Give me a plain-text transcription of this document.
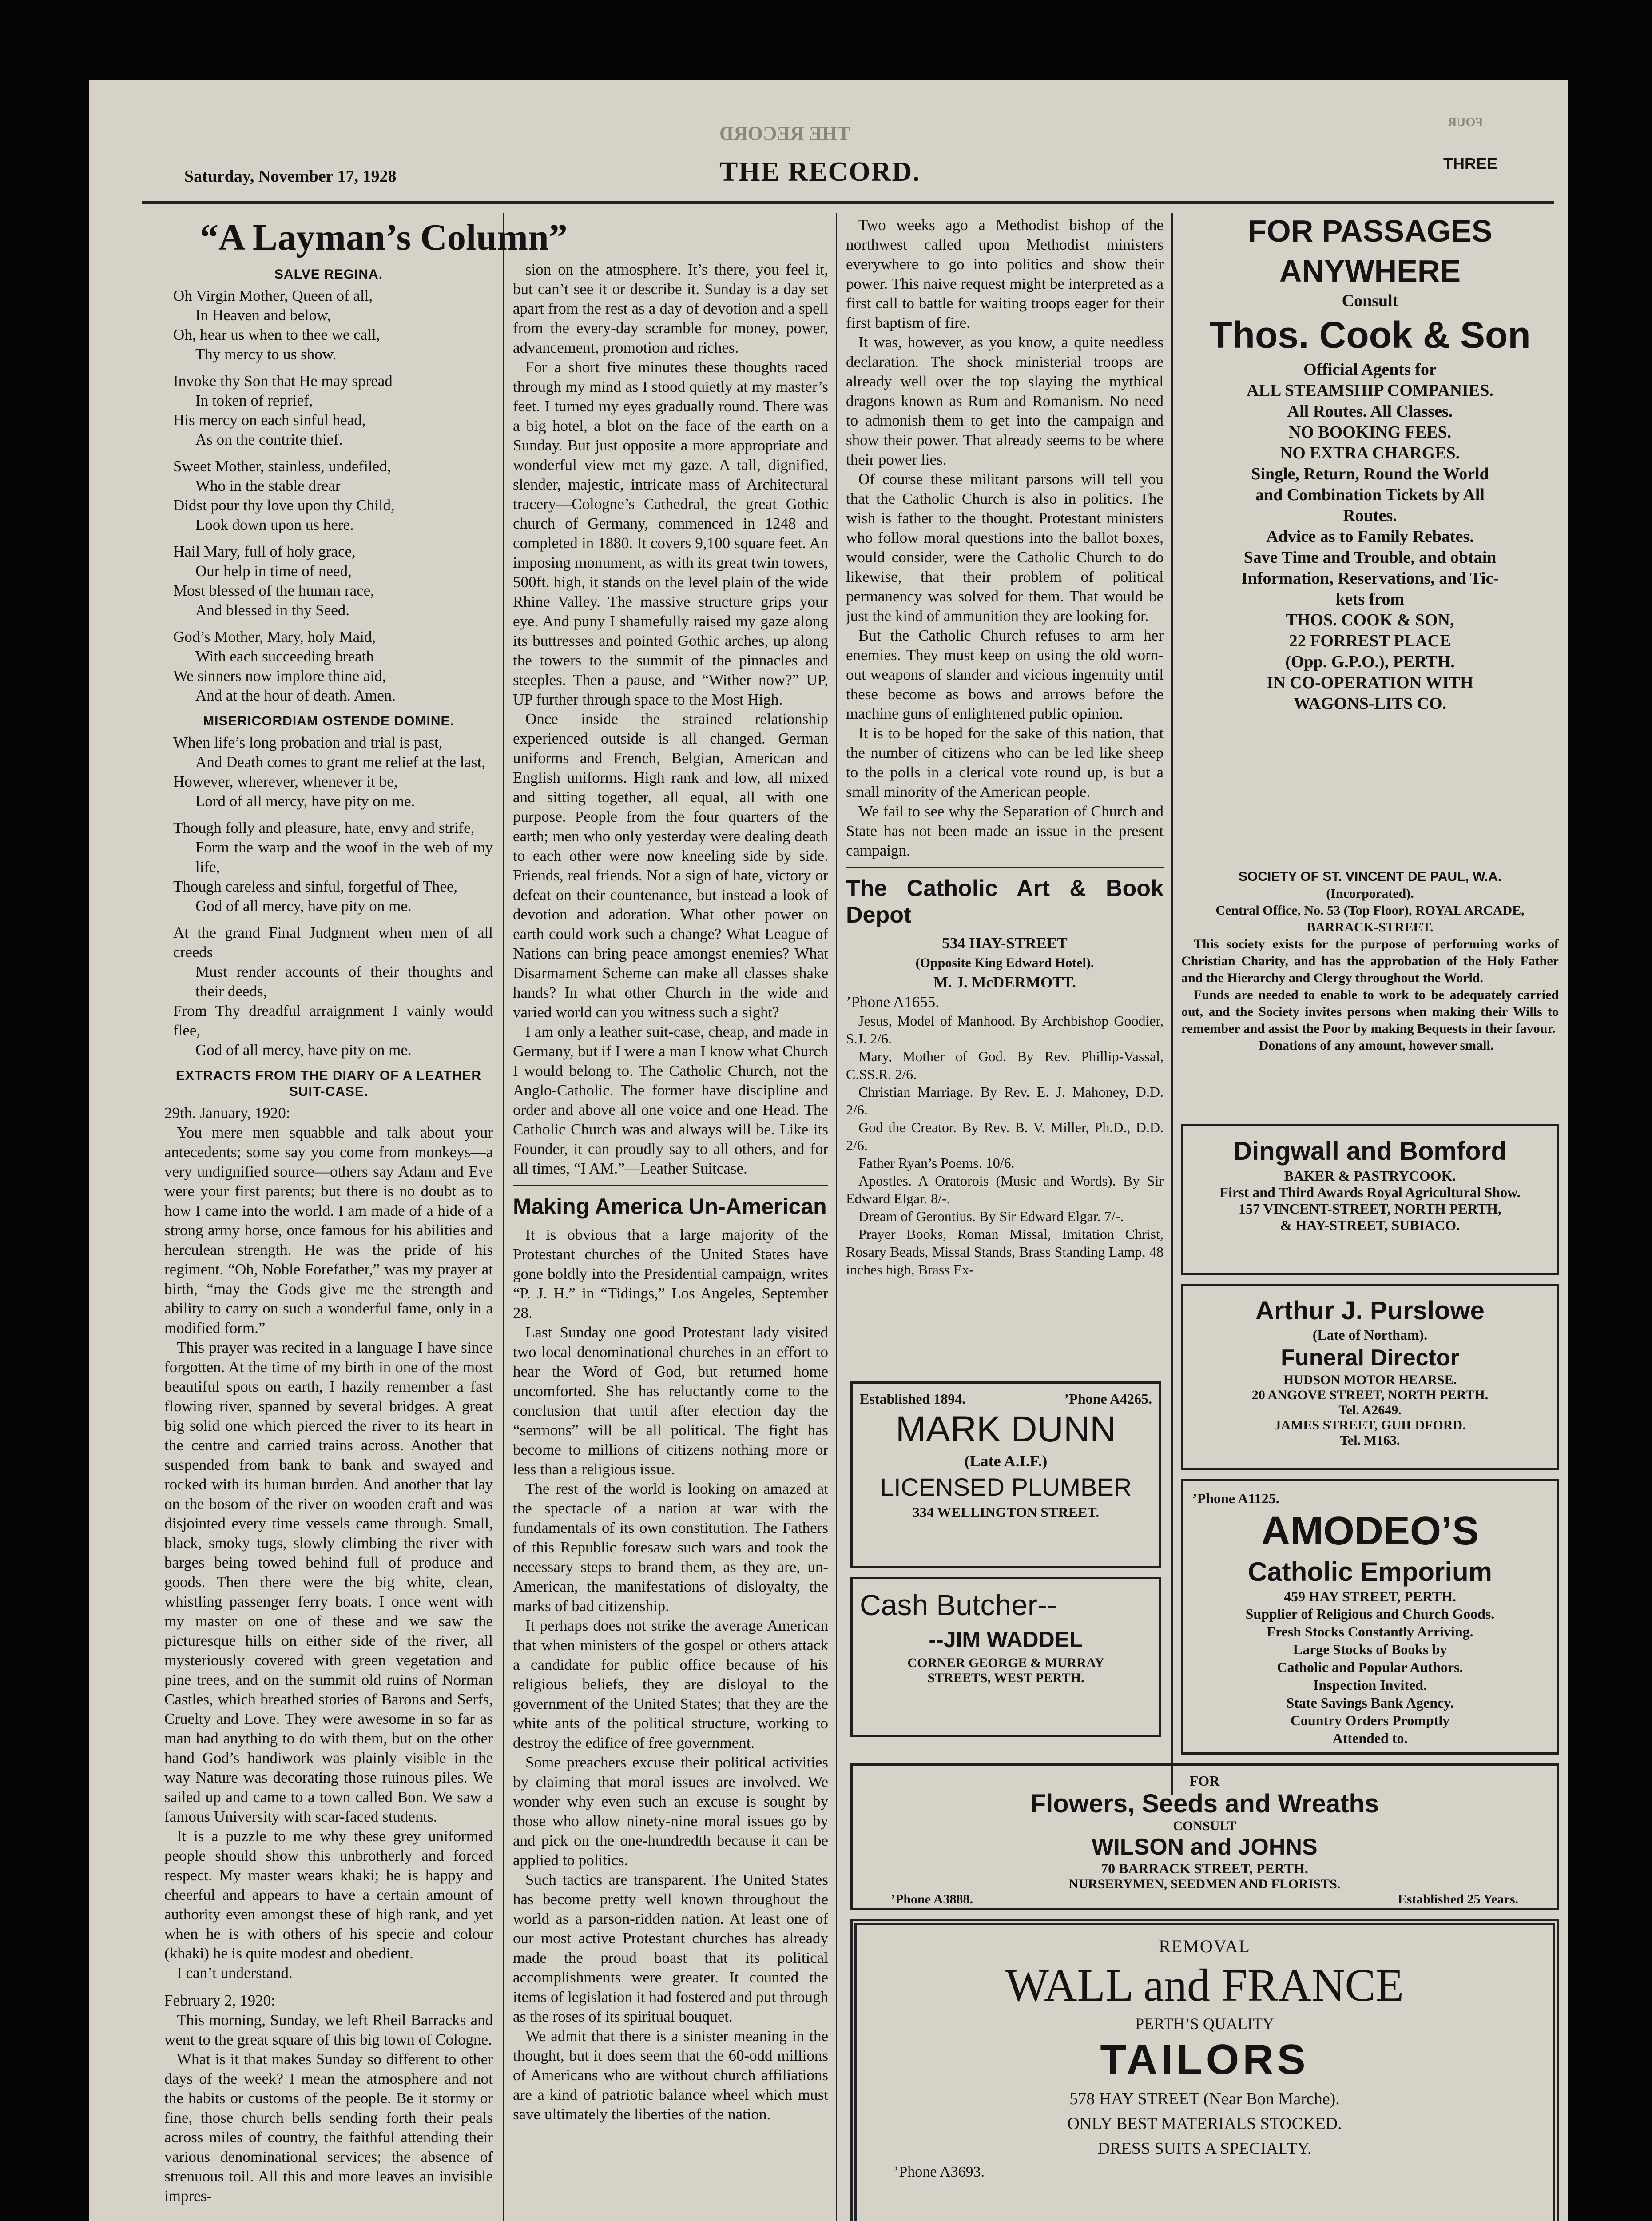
THE RECORD
FOUR
Saturday, November 17, 1928	THE RECORD.	THREE
“A Layman’s Column”
SALVE REGINA.
Oh Virgin Mother, Queen of all,
In Heaven and below,
Oh, hear us when to thee we call,
Thy mercy to us show.
Invoke thy Son that He may spread
In token of reprief,
His mercy on each sinful head,
As on the contrite thief.
Sweet Mother, stainless, undefiled,
Who in the stable drear
Didst pour thy love upon thy Child,
Look down upon us here.
Hail Mary, full of holy grace,
Our help in time of need,
Most blessed of the human race,
And blessed in thy Seed.
God’s Mother, Mary, holy Maid,
With each succeeding breath
We sinners now implore thine aid,
And at the hour of death. Amen.
MISERICORDIAM OSTENDE DOMINE.
When life’s long probation and trial is past,
And Death comes to grant me relief at the last,
However, wherever, whenever it be,
Lord of all mercy, have pity on me.
Though folly and pleasure, hate, envy and strife,
Form the warp and the woof in the web of my life,
Though careless and sinful, forgetful of Thee,
God of all mercy, have pity on me.
At the grand Final Judgment when men of all creeds
Must render accounts of their thoughts and their deeds,
From Thy dreadful arraignment I vainly would flee,
God of all mercy, have pity on me.
EXTRACTS FROM THE DIARY OF A LEATHER SUIT-CASE.

29th. January, 1920:

You mere men squabble and talk about your antecedents; some say you come from monkeys—a very undignified source—others say Adam and Eve were your first parents; but there is no doubt as to how I came into the world. I am made of a hide of a strong army horse, once famous for his abilities and herculean strength. He was the pride of his regiment. “Oh, Noble Forefather,” was my prayer at birth, “may the Gods give me the strength and ability to carry on such a wonderful fame, only in a modified form.”

This prayer was recited in a language I have since forgotten. At the time of my birth in one of the most beautiful spots on earth, I hazily remember a fast flowing river, spanned by several bridges. A great big solid one which pierced the river to its heart in the centre and carried trains across. Another that suspended from bank to bank and swayed and rocked with its human burden. And another that lay on the bosom of the river on wooden craft and was disjointed every time vessels came through. Small, black, smoky tugs, slowly climbing the river with barges being towed behind full of produce and goods. Then there were the big white, clean, whistling passenger ferry boats. I once went with my master on one of these and we saw the picturesque hills on either side of the river, all mysteriously covered with green vegetation and pine trees, and on the summit old ruins of Norman Castles, which breathed stories of Barons and Serfs, Cruelty and Love. They were awesome in so far as man had anything to do with them, but on the other hand God’s handiwork was plainly visible in the way Nature was decorating those ruinous piles. We sailed up and came to a town called Bon. We saw a famous University with scar-faced students.

It is a puzzle to me why these grey uniformed people should show this unbrotherly and forced respect. My master wears khaki; he is happy and cheerful and appears to have a certain amount of authority even amongst these of high rank, and yet when he is with others of his specie and colour (khaki) he is quite modest and obedient.

I can’t understand.

February 2, 1920:

This morning, Sunday, we left Rheil Barracks and went to the great square of this big town of Cologne.

What is it that makes Sunday so different to other days of the week? I mean the atmosphere and not the habits or customs of the people. Be it stormy or fine, those church bells sending forth their peals across miles of country, the faithful attending their various denominational services; the absence of strenuous toil. All this and more leaves an invisible impres-

sion on the atmosphere. It’s there, you feel it, but can’t see it or describe it. Sunday is a day set apart from the rest as a day of devotion and a spell from the every-day scramble for money, power, advancement, promotion and riches.

For a short five minutes these thoughts raced through my mind as I stood quietly at my master’s feet. I turned my eyes gradually round. There was a big hotel, a blot on the face of the earth on a Sunday. But just opposite a more appropriate and wonderful view met my gaze. A tall, dignified, slender, majestic, intricate mass of Architectural tracery—Cologne’s Cathedral, the great Gothic church of Germany, commenced in 1248 and completed in 1880. It covers 9,100 square feet. An imposing monument, as with its great twin towers, 500ft. high, it stands on the level plain of the wide Rhine Valley. The massive structure grips your eye. And puny I shamefully raised my gaze along its buttresses and pointed Gothic arches, up along the towers to the summit of the pinnacles and steeples. Then a pause, and “Wither now?” UP, UP further through space to the Most High.

Once inside the strained relationship experienced outside is all changed. German uniforms and French, Belgian, American and English uniforms. High rank and low, all mixed and sitting together, all equal, all with one purpose. People from the four quarters of the earth; men who only yesterday were dealing death to each other were now kneeling side by side. Friends, real friends. Not a sign of hate, victory or defeat on their countenance, but instead a look of devotion and adoration. What other power on earth could work such a change? What League of Nations can bring peace amongst enemies? What Disarmament Scheme can make all classes shake hands? In what other Church in the wide and varied world can you witness such a sight?

I am only a leather suit-case, cheap, and made in Germany, but if I were a man I know what Church I would belong to. The Catholic Church, not the Anglo-Catholic. The former have discipline and order and above all one voice and one Head. The Catholic Church was and always will be. Like its Founder, it can proudly say to all others, and for all times, “I AM.”—Leather Suitcase.

Making America Un-American

It is obvious that a large majority of the Protestant churches of the United States have gone boldly into the Presidential campaign, writes “P. J. H.” in “Tidings,” Los Angeles, September 28.

Last Sunday one good Protestant lady visited two local denominational churches in an effort to hear the Word of God, but returned home uncomforted. She has reluctantly come to the conclusion that until after election day the “sermons” will be all political. The fight has become to millions of citizens nothing more or less than a religious issue.

The rest of the world is looking on amazed at the spectacle of a nation at war with the fundamentals of its own constitution. The Fathers of this Republic foresaw such wars and took the necessary steps to brand them, as they are, un-American, the manifestations of disloyalty, the marks of bad citizenship.

It perhaps does not strike the average American that when ministers of the gospel or others attack a candidate for public office because of his religious beliefs, they are disloyal to the government of the United States; that they are the white ants of the political structure, working to destroy the edifice of free government.

Some preachers excuse their political activities by claiming that moral issues are involved. We wonder why even such an excuse is sought by those who allow ninety-nine moral issues go by and pick on the one-hundredth because it can be applied to politics.

Such tactics are transparent. The United States has become pretty well known throughout the world as a parson-ridden nation. At least one of our most active Protestant churches has already made the proud boast that its political accomplishments were greater. It counted the items of legislation it had fostered and put through as the roses of its spiritual bouquet.

We admit that there is a sinister meaning in the thought, but it does seem that the 60-odd millions of Americans who are without church affiliations are a kind of patriotic balance wheel which must save ultimately the liberties of the nation.

Two weeks ago a Methodist bishop of the northwest called upon Methodist ministers everywhere to go into politics and show their power. This naive request might be interpreted as a first call to battle for waiting troops eager for their first baptism of fire.

It was, however, as you know, a quite needless declaration. The shock ministerial troops are already well over the top slaying the mythical dragons known as Rum and Romanism. No need to admonish them to get into the campaign and show their power. That already seems to be where their power lies.

Of course these militant parsons will tell you that the Catholic Church is also in politics. The wish is father to the thought. Protestant ministers who follow moral questions into the ballot boxes, would consider, were the Catholic Church to do likewise, that their problem of political permanency was solved for them. That would be just the kind of ammunition they are looking for.

But the Catholic Church refuses to arm her enemies. They must keep on using the old worn-out weapons of slander and vicious ingenuity until these become as bows and arrows before the machine guns of enlightened public opinion.

It is to be hoped for the sake of this nation, that the number of citizens who can be led like sheep to the polls in a clerical vote round up, is but a small minority of the American people.

We fail to see why the Separation of Church and State has not been made an issue in the present campaign.

The Catholic Art & Book Depot
534 HAY-STREET
(Opposite King Edward Hotel).
M. J. McDERMOTT.
’Phone A1655.

Jesus, Model of Manhood. By Archbishop Goodier, S.J. 2/6.

Mary, Mother of God. By Rev. Phillip-Vassal, C.SS.R. 2/6.

Christian Marriage. By Rev. E. J. Mahoney, D.D. 2/6.

God the Creator. By Rev. B. V. Miller, Ph.D., D.D. 2/6.

Father Ryan’s Poems. 10/6.

Apostles. A Oratorois (Music and Words). By Sir Edward Elgar. 8/-.

Dream of Gerontius. By Sir Edward Elgar. 7/-.

Prayer Books, Roman Missal, Imitation Christ, Rosary Beads, Missal Stands, Brass Standing Lamp, 48 inches high, Brass Ex-

Established 1894.	’Phone A4265.
MARK DUNN
(Late A.I.F.)
LICENSED PLUMBER
334 WELLINGTON STREET.
Cash Butcher--
--JIM WADDEL
CORNER GEORGE & MURRAY
STREETS, WEST PERTH.
FOR PASSAGES ANYWHERE
Consult
Thos. Cook & Son
Official Agents for
ALL STEAMSHIP COMPANIES.
All Routes. All Classes.
NO BOOKING FEES.
NO EXTRA CHARGES.
Single, Return, Round the World
and Combination Tickets by All
Routes.
Advice as to Family Rebates.
Save Time and Trouble, and obtain
Information, Reservations, and Tic-
kets from
THOS. COOK & SON,
22 FORREST PLACE
(Opp. G.P.O.), PERTH.
IN CO-OPERATION WITH
WAGONS-LITS CO.
SOCIETY OF ST. VINCENT DE PAUL, W.A.
(Incorporated).
Central Office, No. 53 (Top Floor), ROYAL ARCADE, BARRACK-STREET.

This society exists for the purpose of performing works of Christian Charity, and has the approbation of the Holy Father and the Hierarchy and Clergy throughout the World.

Funds are needed to enable to work to be adequately carried out, and the Society invites persons when making their Wills to remember and assist the Poor by making Bequests in their favour.

Donations of any amount, however small.

Dingwall and Bomford
BAKER & PASTRYCOOK.
First and Third Awards Royal Agricultural Show.
157 VINCENT-STREET, NORTH PERTH,
& HAY-STREET, SUBIACO.
Arthur J. Purslowe
(Late of Northam).
Funeral Director
HUDSON MOTOR HEARSE.
20 ANGOVE STREET, NORTH PERTH.
Tel. A2649.
JAMES STREET, GUILDFORD.
Tel. M163.
’Phone A1125.
AMODEO’S
Catholic Emporium
459 HAY STREET, PERTH.
Supplier of Religious and Church Goods.
Fresh Stocks Constantly Arriving.
Large Stocks of Books by
Catholic and Popular Authors.
Inspection Invited.
State Savings Bank Agency.
Country Orders Promptly
Attended to.
FOR
Flowers, Seeds and Wreaths
CONSULT
WILSON and JOHNS
70 BARRACK STREET, PERTH.
NURSERYMEN, SEEDMEN AND FLORISTS.
’Phone A3888.	Established 25 Years.
REMOVAL
WALL and FRANCE
PERTH’S QUALITY
TAILORS
578 HAY STREET (Near Bon Marche).
ONLY BEST MATERIALS STOCKED.
DRESS SUITS A SPECIALTY.
’Phone A3693.
